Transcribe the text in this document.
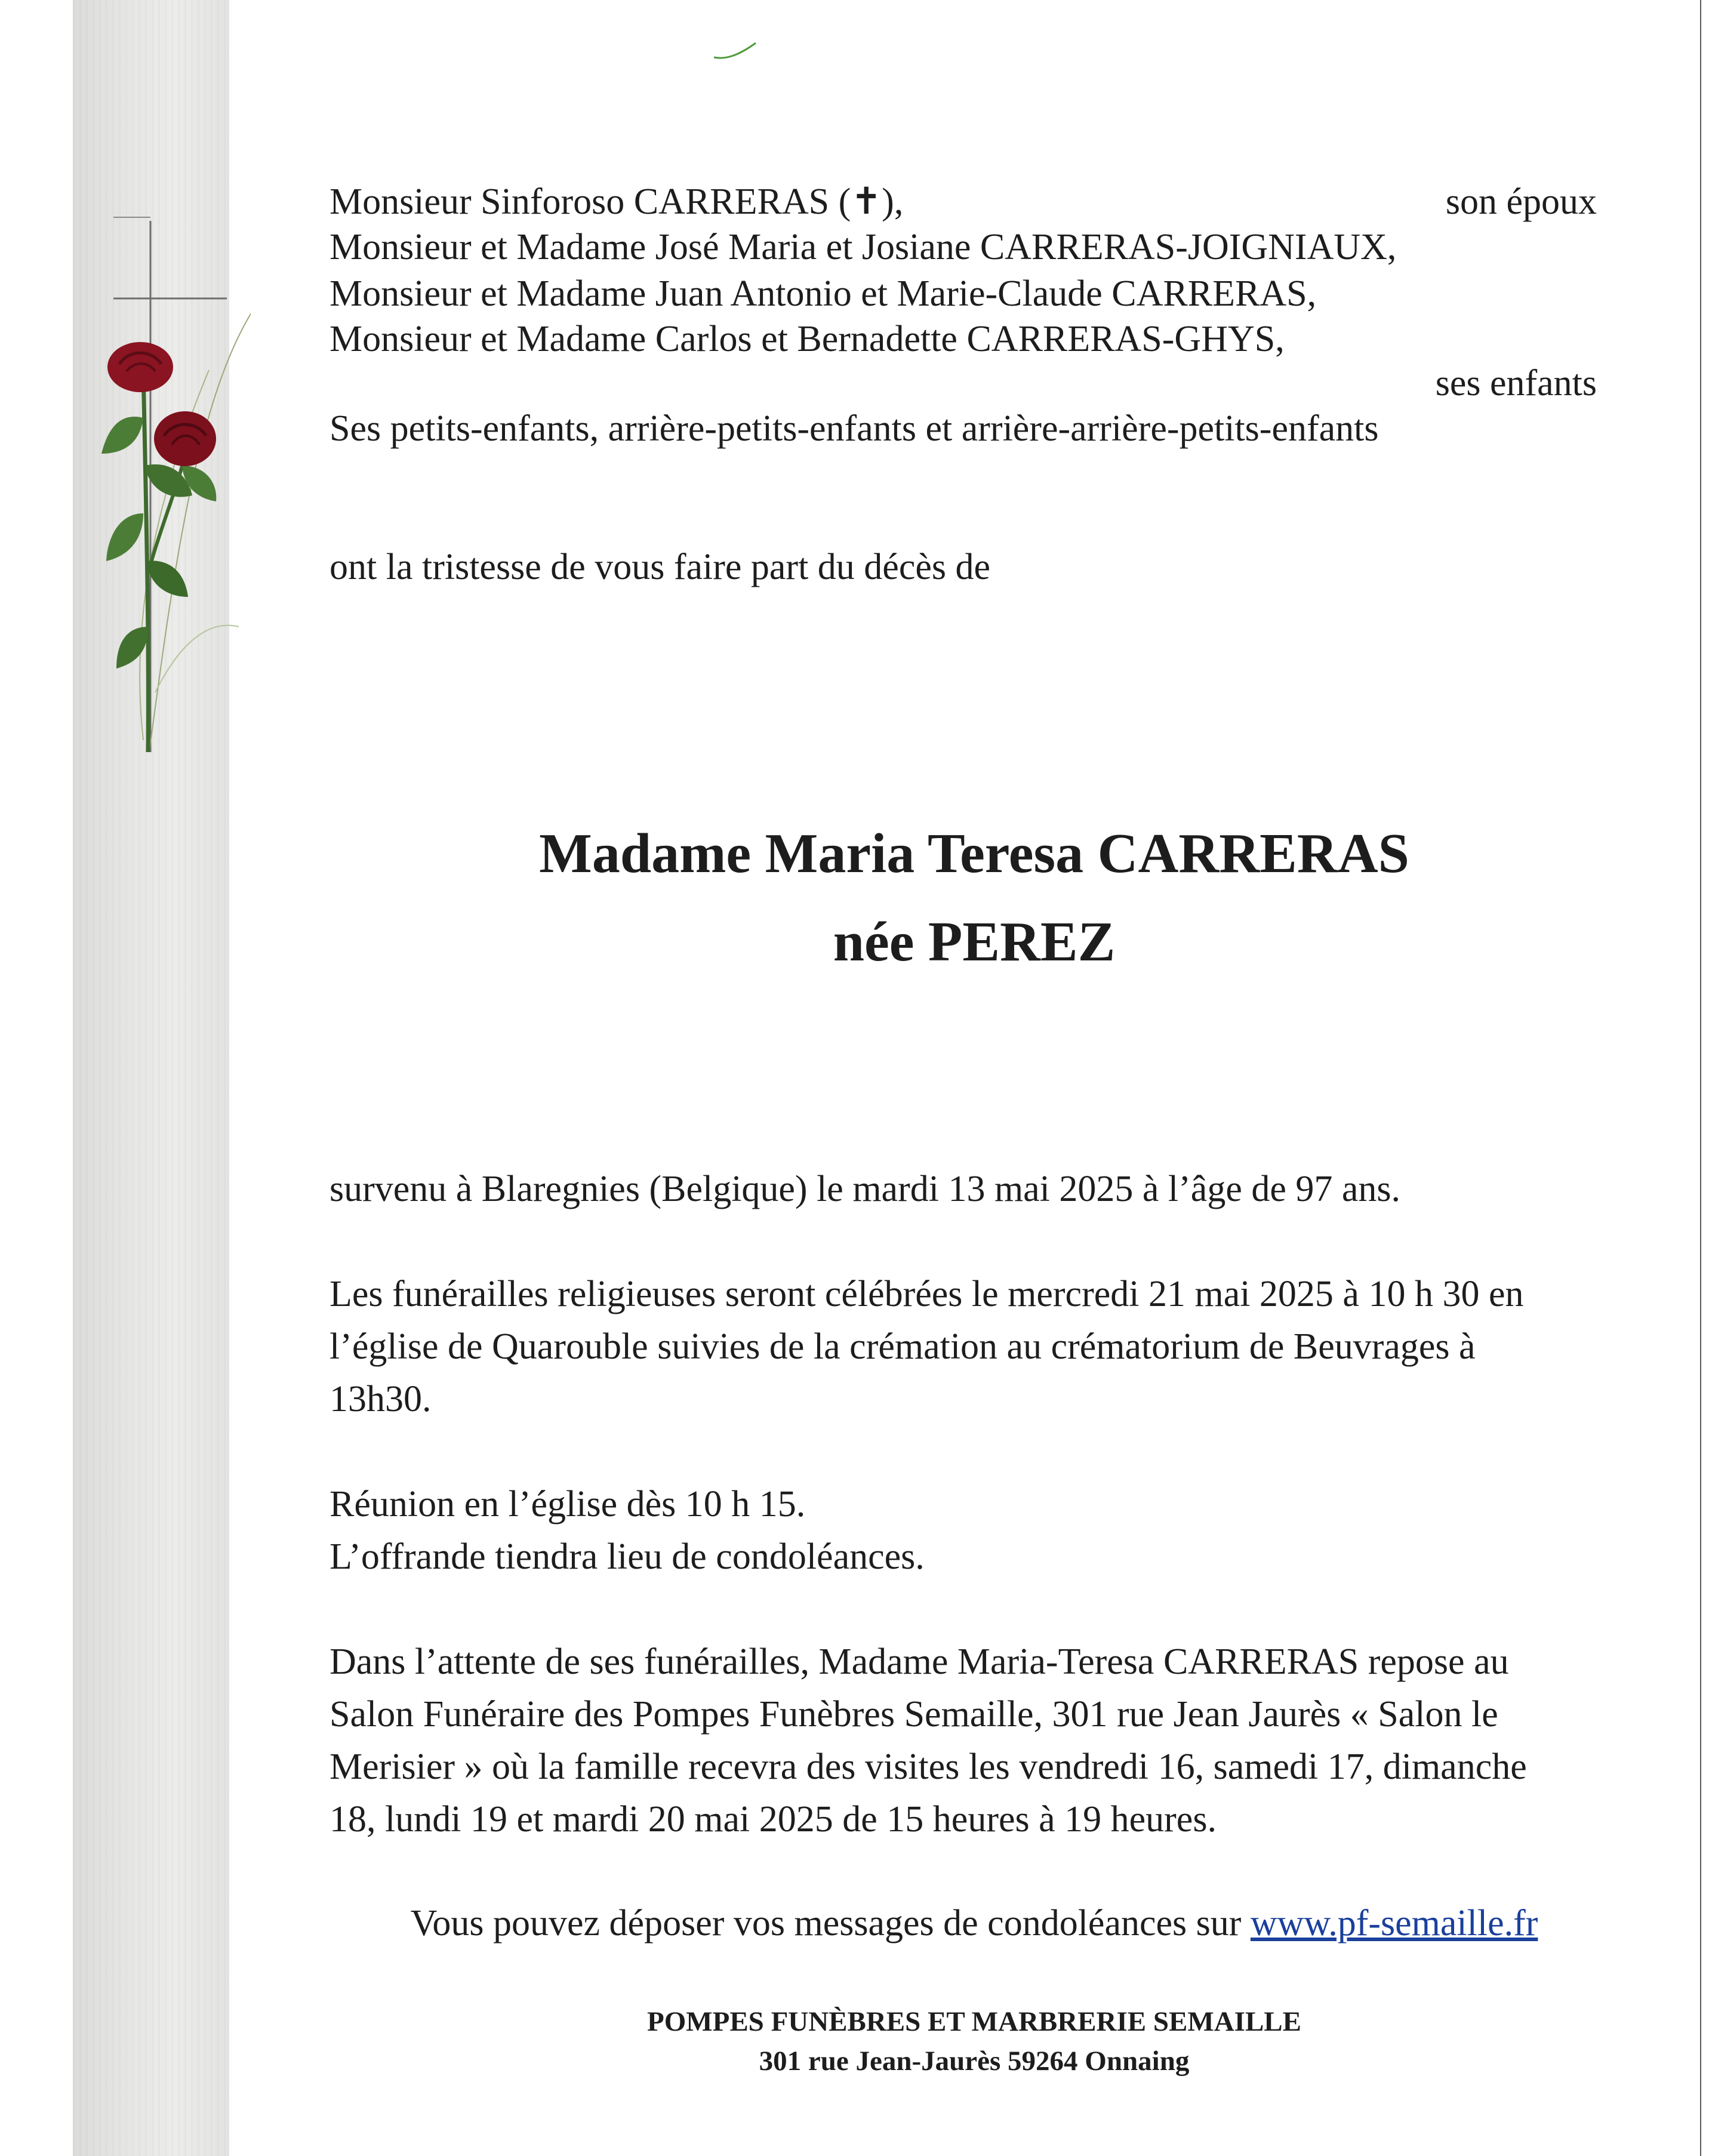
Monsieur Sinforoso CARRERAS (✝),	son époux
Monsieur et Madame José Maria et Josiane CARRERAS-JOIGNIAUX,
Monsieur et Madame Juan Antonio et Marie-Claude CARRERAS,
Monsieur et Madame Carlos et Bernadette CARRERAS-GHYS,
ses enfants
Ses petits-enfants, arrière-petits-enfants et arrière-arrière-petits-enfants
ont la tristesse de vous faire part du décès de
Madame Maria Teresa CARRERAS
née PEREZ
survenu à Blaregnies (Belgique) le mardi 13 mai 2025 à l’âge de 97 ans.
Les funérailles religieuses seront célébrées le mercredi 21 mai 2025 à 10 h 30 en
l’église de Quarouble suivies de la crémation au crématorium de Beuvrages à
13h30.
Réunion en l’église dès 10 h 15.
L’offrande tiendra lieu de condoléances.
Dans l’attente de ses funérailles, Madame Maria-Teresa CARRERAS repose au
Salon Funéraire des Pompes Funèbres Semaille, 301 rue Jean Jaurès « Salon le
Merisier » où la famille recevra des visites les vendredi 16, samedi 17, dimanche
18, lundi 19 et mardi 20 mai 2025 de 15 heures à 19 heures.
Vous pouvez déposer vos messages de condoléances sur www.pf-semaille.fr
POMPES FUNÈBRES ET MARBRERIE SEMAILLE
301 rue Jean-Jaurès 59264 Onnaing
